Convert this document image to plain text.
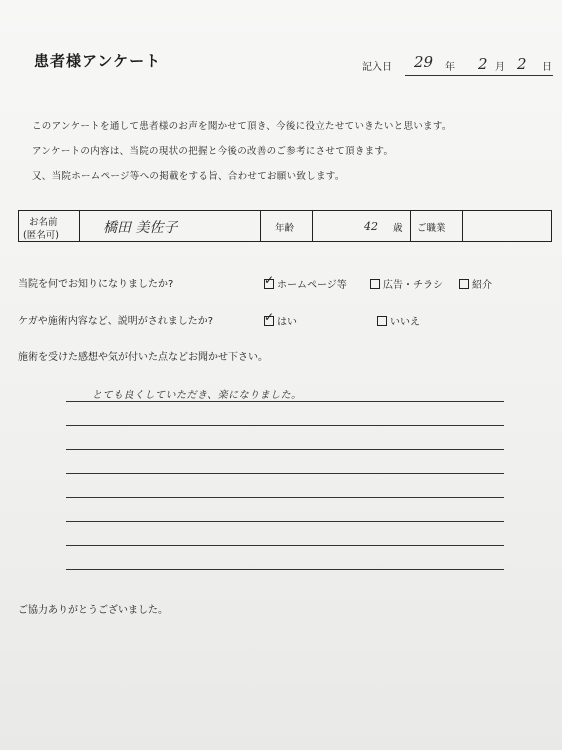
患者様アンケート	記入日 29 年 2 月 2 日
このアンケートを通して患者様のお声を聞かせて頂き、今後に役立たせていきたいと思います。
アンケートの内容は、当院の現状の把握と今後の改善のご参考にさせて頂きます。
又、当院ホームページ等への掲載をする旨、合わせてお願い致します。
お名前
(匿名可)	橋田 美佐子	年齢	42 歳 ご職業
当院を何でお知りになりましたか? ✓	ホームページ等	広告・チラシ	紹介
ケガや施術内容など、説明がされましたか? ✓	はい	いいえ
施術を受けた感想や気が付いた点などお聞かせ下さい。
とても良くしていただき、楽になりました。
ご協力ありがとうございました。
